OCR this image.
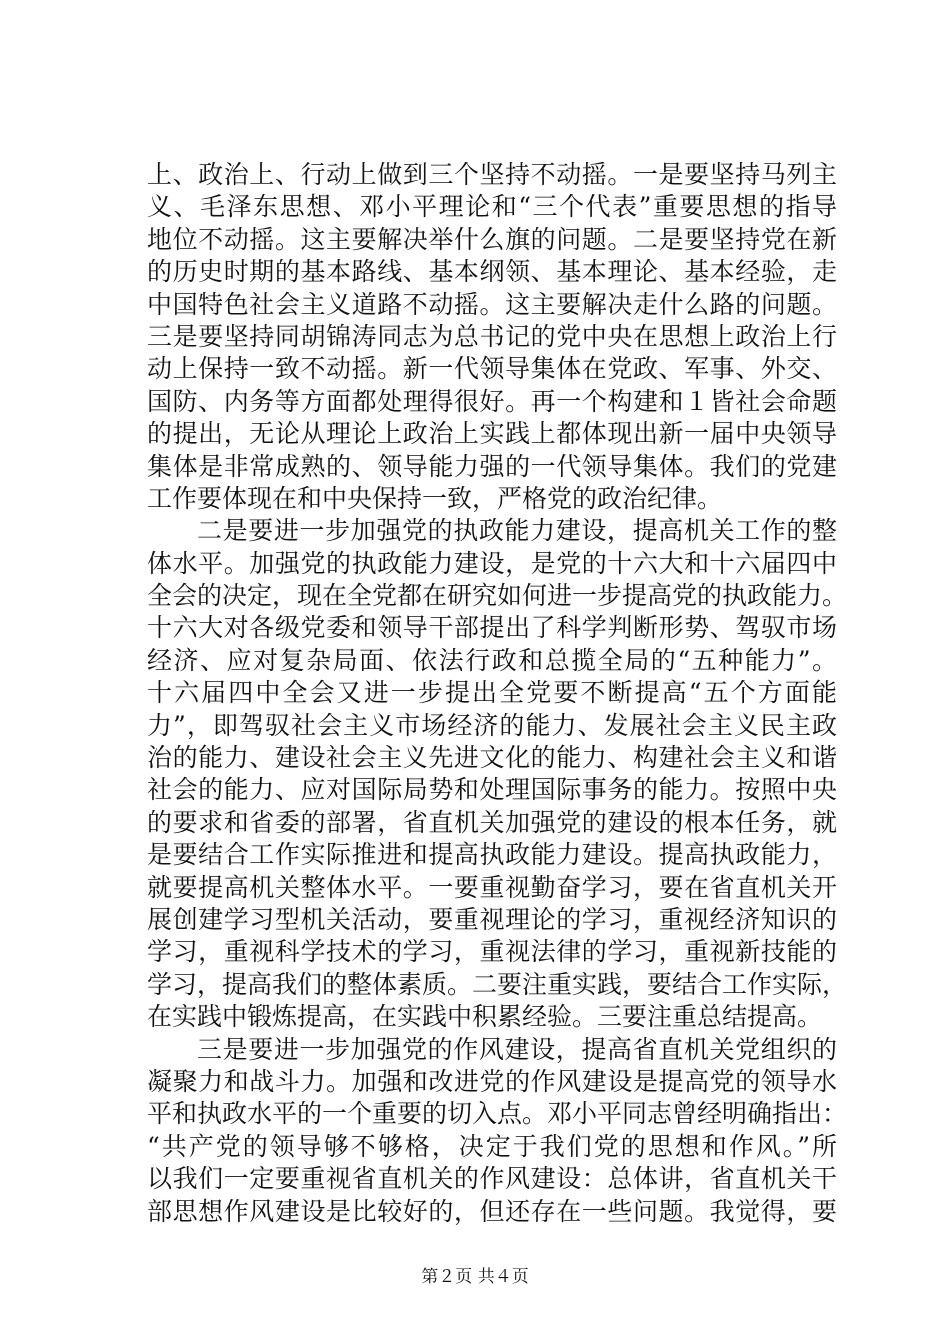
上、政治上、行动上做到三个坚持不动摇。一是要坚持马列主
义、毛泽东思想、邓小平理论和“三个代表”重要思想的指导
地位不动摇。这主要解决举什么旗的问题。二是要坚持党在新
的历史时期的基本路线、基本纲领、基本理论、基本经验，走
中国特色社会主义道路不动摇。这主要解决走什么路的问题。
三是要坚持同胡锦涛同志为总书记的党中央在思想上政治上行
动上保持一致不动摇。新一代领导集体在党政、军事、外交、
国防、内务等方面都处理得很好。再一个构建和１皆社会命题
的提出，无论从理论上政治上实践上都体现出新一届中央领导
集体是非常成熟的、领导能力强的一代领导集体。我们的党建
工作要体现在和中央保持一致，严格党的政治纪律。
二是要进一步加强党的执政能力建设，提高机关工作的整
体水平。加强党的执政能力建设，是党的十六大和十六届四中
全会的决定，现在全党都在研究如何进一步提高党的执政能力。
十六大对各级党委和领导干部提出了科学判断形势、驾驭市场
经济、应对复杂局面、依法行政和总揽全局的“五种能力”。
十六届四中全会又进一步提出全党要不断提高“五个方面能
力”，即驾驭社会主义市场经济的能力、发展社会主义民主政
治的能力、建设社会主义先进文化的能力、构建社会主义和谐
社会的能力、应对国际局势和处理国际事务的能力。按照中央
的要求和省委的部署，省直机关加强党的建设的根本任务，就
是要结合工作实际推进和提高执政能力建设。提高执政能力，
就要提高机关整体水平。一要重视勤奋学习，要在省直机关开
展创建学习型机关活动，要重视理论的学习，重视经济知识的
学习，重视科学技术的学习，重视法律的学习，重视新技能的
学习，提高我们的整体素质。二要注重实践，要结合工作实际，
在实践中锻炼提高，在实践中积累经验。三要注重总结提高。
三是要进一步加强党的作风建设，提高省直机关党组织的
凝聚力和战斗力。加强和改进党的作风建设是提高党的领导水
平和执政水平的一个重要的切入点。邓小平同志曾经明确指出：
“共产党的领导够不够格，决定于我们党的思想和作风。”所
以我们一定要重视省直机关的作风建设：总体讲，省直机关干
部思想作风建设是比较好的，但还存在一些问题。我觉得，要
第２页 共４页
